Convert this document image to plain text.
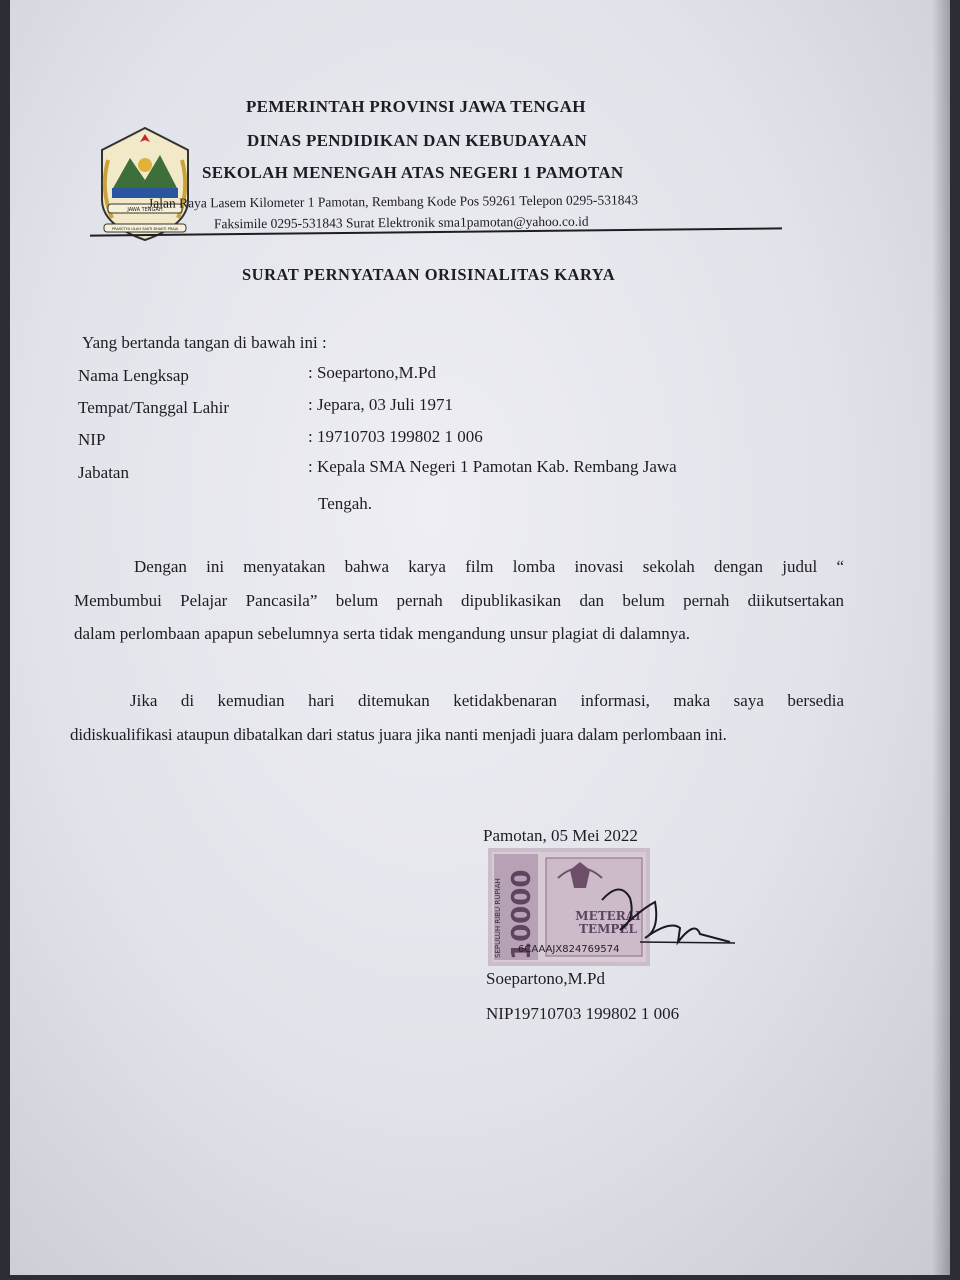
JAWA TENGAH
PRASETYA ULAH SAKTI BHAKTI PRAJA
PEMERINTAH PROVINSI JAWA TENGAH
DINAS PENDIDIKAN DAN KEBUDAYAAN
SEKOLAH MENENGAH ATAS NEGERI 1 PAMOTAN
Jalan Raya Lasem Kilometer 1 Pamotan, Rembang Kode Pos 59261 Telepon 0295-531843
Faksimile 0295-531843 Surat Elektronik sma1pamotan@yahoo.co.id
SURAT PERNYATAAN ORISINALITAS KARYA
Yang bertanda tangan di bawah ini :
Nama Lengksap	: Soepartono,M.Pd
Tempat/Tanggal Lahir	: Jepara, 03 Juli 1971
NIP	: 19710703 199802 1 006
Jabatan	: Kepala SMA Negeri 1 Pamotan Kab. Rembang Jawa
Tengah.
Dengan ini menyatakan bahwa karya film lomba inovasi sekolah dengan judul “
Membumbui Pelajar Pancasila” belum pernah dipublikasikan dan belum pernah diikutsertakan
dalam perlombaan apapun sebelumnya serta tidak mengandung unsur plagiat di dalamnya.
Jika di kemudian hari ditemukan ketidakbenaran informasi, maka saya bersedia
didiskualifikasi ataupun dibatalkan dari status juara jika nanti menjadi juara dalam perlombaan ini.
Pamotan, 05 Mei 2022
SEPULUH RIBU RUPIAH 10000	METERAI
TEMPEL
6CAAAJX824769574
Soepartono,M.Pd
NIP19710703 199802 1 006
